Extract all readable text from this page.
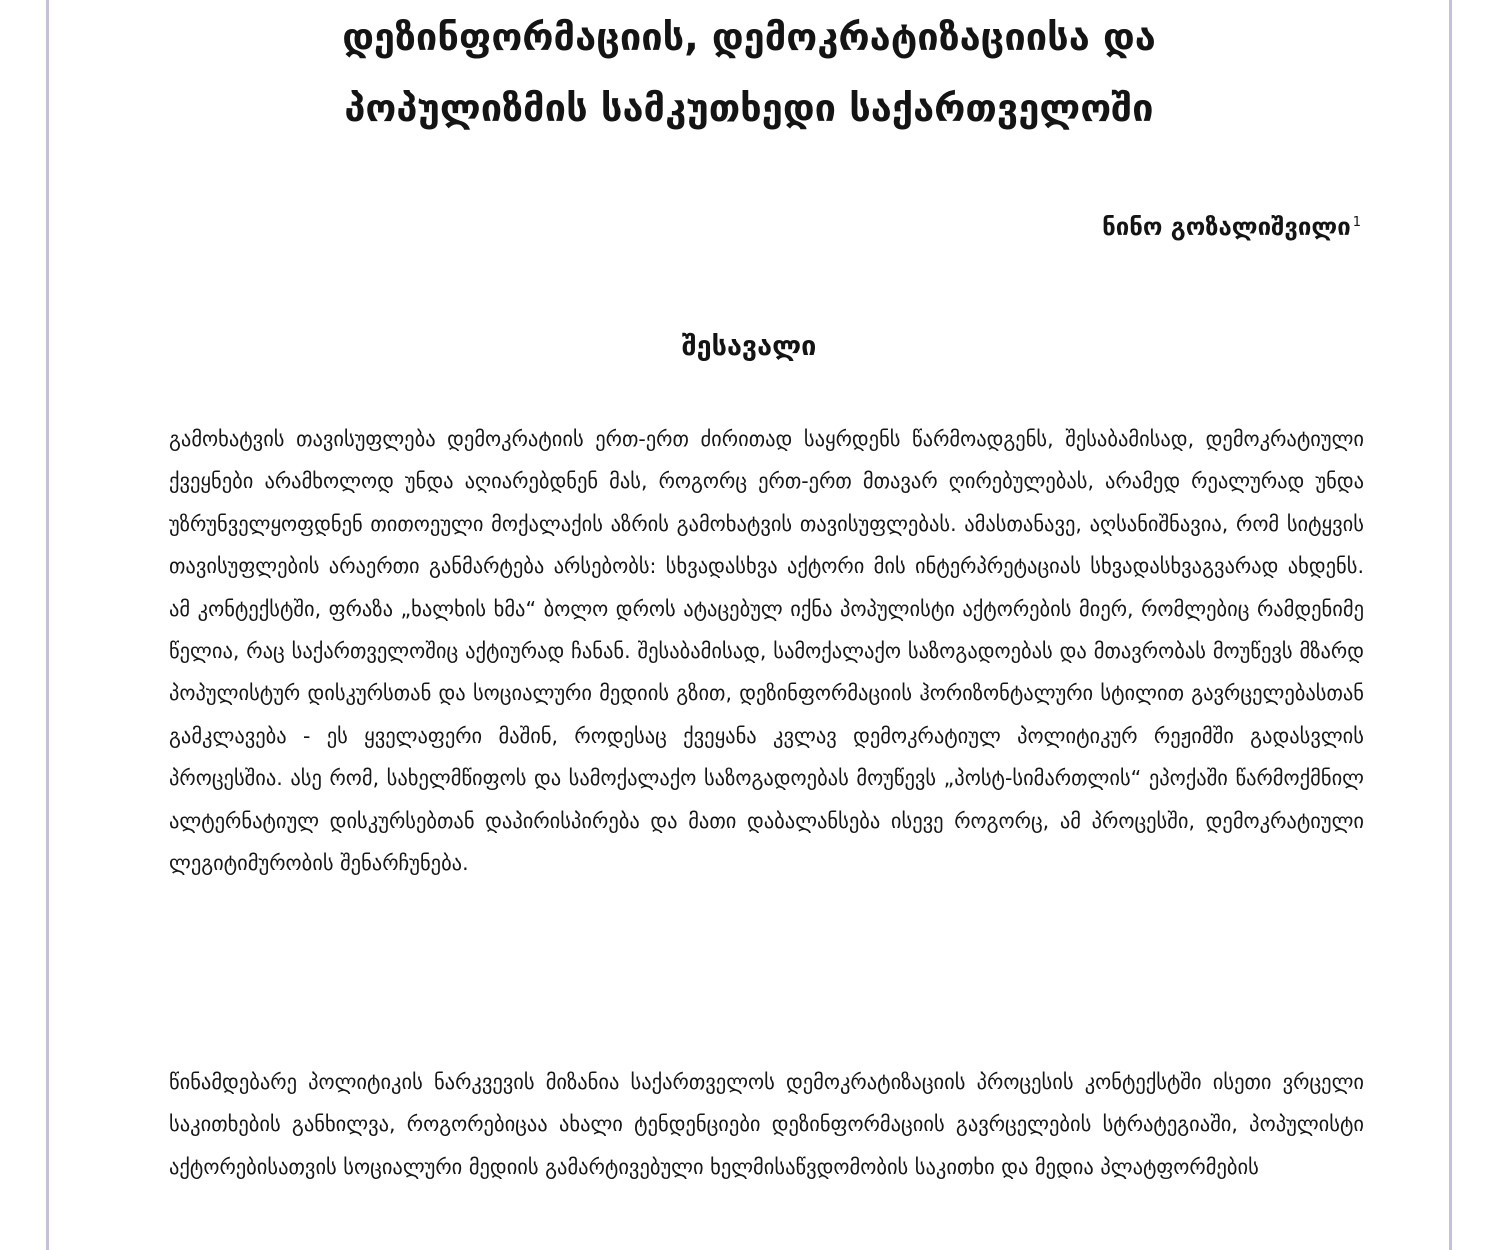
დეზინფორმაციის, დემოკრატიზაციისა და
პოპულიზმის სამკუთხედი საქართველოში
ნინო გოზალიშვილი $^1$
შესავალი

გამოხატვის თავისუფლება დემოკრატიის ერთ-ერთ ძირითად საყრდენს წარმოადგენს, შესაბამისად, დემოკრატიული ქვეყნები არამხოლოდ უნდა აღიარებდნენ მას, როგორც ერთ-ერთ მთავარ ღირებულებას, არამედ რეალურად უნდა უზრუნველყოფდნენ თითოეული მოქალაქის აზრის გამოხატვის თავისუფლებას. ამასთანავე, აღსანიშნავია, რომ სიტყვის თავისუფლების არაერთი განმარტება არსებობს: სხვადასხვა აქტორი მის ინტერპრეტაციას სხვადასხვაგვარად ახდენს. ამ კონტექსტში, ფრაზა „ხალხის ხმა“ ბოლო დროს ატაცებულ იქნა პოპულისტი აქტორების მიერ, რომლებიც რამდენიმე წელია, რაც საქართველოშიც აქტიურად ჩანან. შესაბამისად, სამოქალაქო საზოგადოებას და მთავრობას მოუწევს მზარდ პოპულისტურ დისკურსთან და სოციალური მედიის გზით, დეზინფორმაციის ჰორიზონტალური სტილით გავრცელებასთან გამკლავება - ეს ყველაფერი მაშინ, როდესაც ქვეყანა კვლავ დემოკრატიულ პოლიტიკურ რეჟიმში გადასვლის პროცესშია. ასე რომ, სახელმწიფოს და სამოქალაქო საზოგადოებას მოუწევს „პოსტ-სიმართლის“ ეპოქაში წარმოქმნილ ალტერნატიულ დისკურსებთან დაპირისპირება და მათი დაბალანსება ისევე როგორც, ამ პროცესში, დემოკრატიული ლეგიტიმურობის შენარჩუნება.

წინამდებარე პოლიტიკის ნარკვევის მიზანია საქართველოს დემოკრატიზაციის პროცესის კონტექსტში ისეთი ვრცელი საკითხების განხილვა, როგორებიცაა ახალი ტენდენციები დეზინფორმაციის გავრცელების სტრატეგიაში, პოპულისტი აქტორებისათვის სოციალური მედიის გამარტივებული ხელმისაწვდომობის საკითხი და მედია პლატფორმების
